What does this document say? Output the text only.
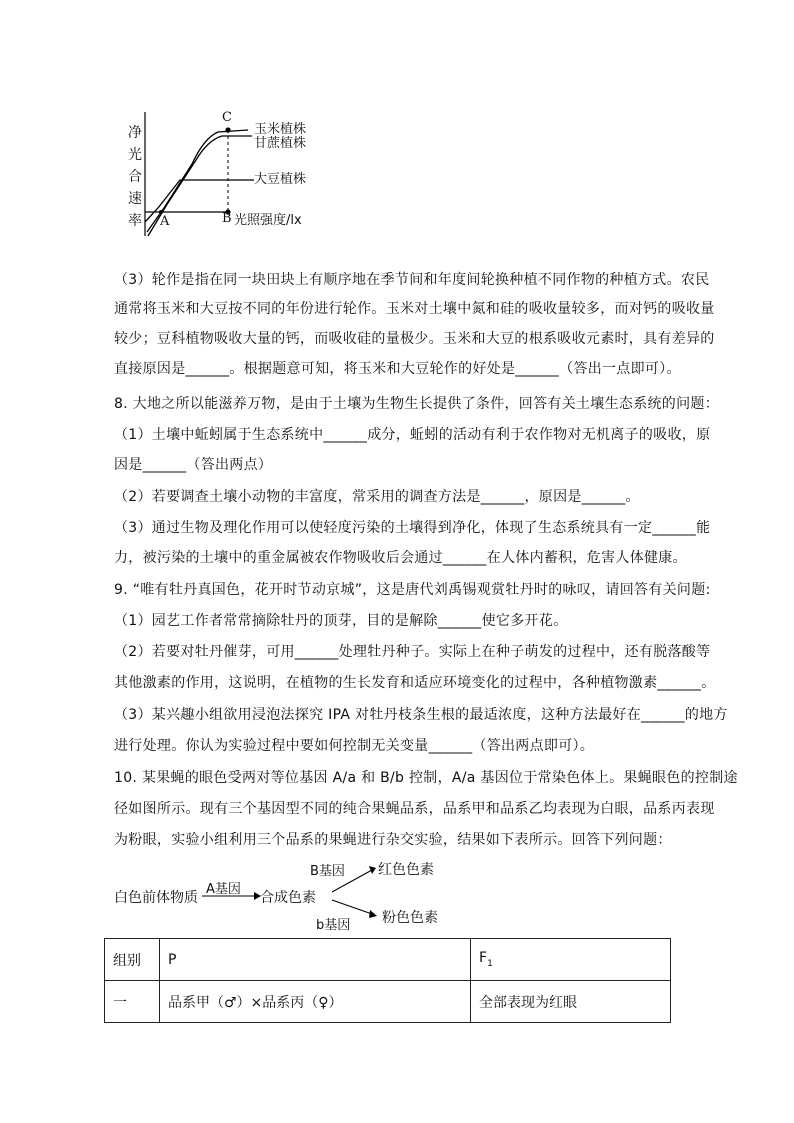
净
光
合
速
率 A	B
C
光照强度/lx
玉米植株
甘蔗植株
大豆植株
（3）轮作是指在同一块田块上有顺序地在季节间和年度间轮换种植不同作物的种植方式。农民
通常将玉米和大豆按不同的年份进行轮作。玉米对土壤中氮和硅的吸收量较多，而对钙的吸收量
较少；豆科植物吸收大量的钙，而吸收硅的量极少。玉米和大豆的根系吸收元素时，具有差异的
直接原因是______。根据题意可知，将玉米和大豆轮作的好处是______（答出一点即可）。
8. 大地之所以能滋养万物，是由于土壤为生物生长提供了条件，回答有关土壤生态系统的问题：
（1）土壤中蚯蚓属于生态系统中______成分，蚯蚓的活动有利于农作物对无机离子的吸收，原
因是______（答出两点）
（2）若要调查土壤小动物的丰富度，常采用的调查方法是______，原因是______。
（3）通过生物及理化作用可以使轻度污染的土壤得到净化，体现了生态系统具有一定______能
力，被污染的土壤中的重金属被农作物吸收后会通过______在人体内蓄积，危害人体健康。
9. “唯有牡丹真国色，花开时节动京城”，这是唐代刘禹锡观赏牡丹时的咏叹，请回答有关问题:
（1）园艺工作者常常摘除牡丹的顶芽，目的是解除______使它多开花。
（2）若要对牡丹催芽，可用______处理牡丹种子。实际上在种子萌发的过程中，还有脱落酸等
其他激素的作用，这说明，在植物的生长发育和适应环境变化的过程中，各种植物激素______。
（3）某兴趣小组欲用浸泡法探究 IPA 对牡丹枝条生根的最适浓度，这种方法最好在______的地方
进行处理。你认为实验过程中要如何控制无关变量______（答出两点即可）。
10. 某果蝇的眼色受两对等位基因 A/a 和 B/b 控制，A/a 基因位于常染色体上。果蝇眼色的控制途
径如图所示。现有三个基因型不同的纯合果蝇品系，品系甲和品系乙均表现为白眼，品系丙表现
为粉眼，实验小组利用三个品系的果蝇进行杂交实验，结果如下表所示。回答下列问题：
白色前体物质
A基因
合成色素
B基因
b基因
红色色素
粉色色素
组别	P	$F_1$
一	品系甲（♂）×品系丙（♀）	全部表现为红眼
